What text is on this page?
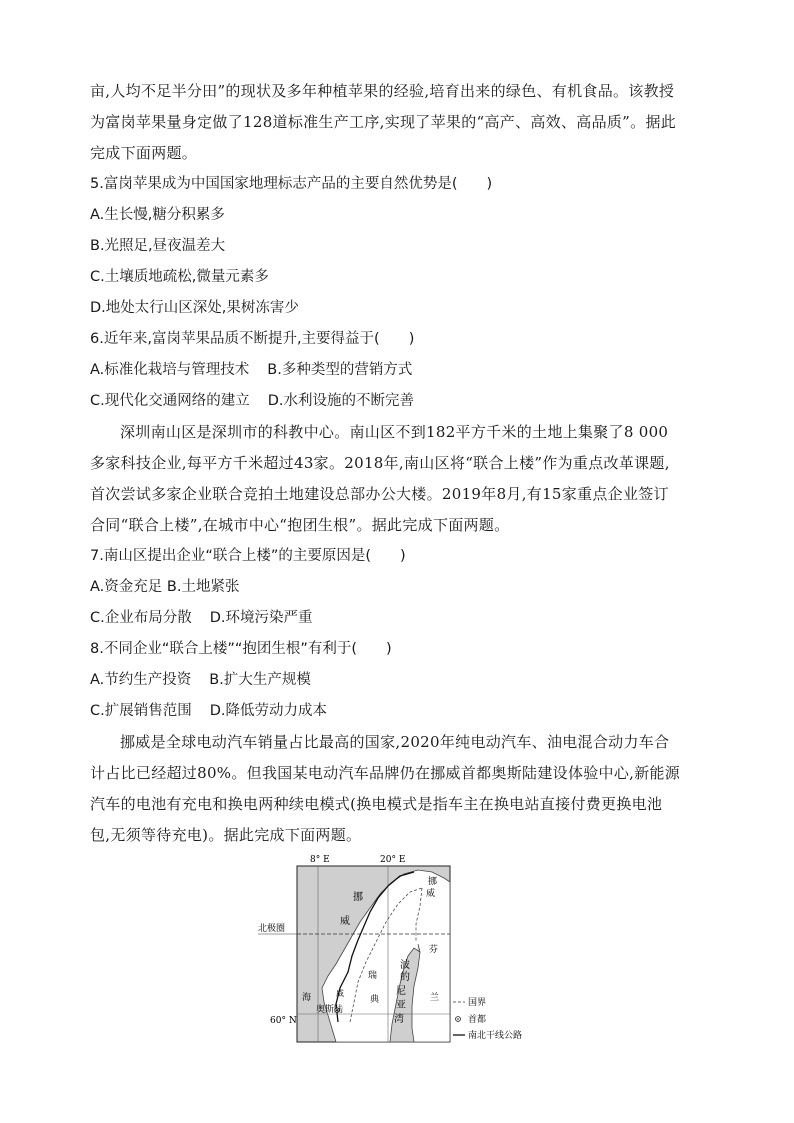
亩,人均不足半分田”的现状及多年种植苹果的经验,培育出来的绿色、有机食品。该教授
为富岗苹果量身定做了128道标准生产工序,实现了苹果的“高产、高效、高品质”。据此
完成下面两题。
5.富岗苹果成为中国国家地理标志产品的主要自然优势是(　　)
A.生长慢,糖分积累多
B.光照足,昼夜温差大
C.土壤质地疏松,微量元素多
D.地处太行山区深处,果树冻害少
6.近年来,富岗苹果品质不断提升,主要得益于(　　)
A.标准化栽培与管理技术 B.多种类型的营销方式
C.现代化交通网络的建立 D.水利设施的不断完善
深圳南山区是深圳市的科教中心。南山区不到182平方千米的土地上集聚了8 000
多家科技企业,每平方千米超过43家。2018年,南山区将“联合上楼”作为重点改革课题,
首次尝试多家企业联合竞拍土地建设总部办公大楼。2019年8月,有15家重点企业签订
合同“联合上楼”,在城市中心“抱团生根”。据此完成下面两题。
7.南山区提出企业“联合上楼”的主要原因是(　　)
A.资金充足 B.土地紧张
C.企业布局分散 D.环境污染严重
8.不同企业“联合上楼”“抱团生根”有利于(　　)
A.节约生产投资 B.扩大生产规模
C.扩展销售范围 D.降低劳动力成本
挪威是全球电动汽车销量占比最高的国家,2020年纯电动汽车、油电混合动力车合
计占比已经超过80%。但我国某电动汽车品牌仍在挪威首都奥斯陆建设体验中心,新能源
汽车的电池有充电和换电两种续电模式(换电模式是指车主在换电站直接付费更换电池
包,无须等待充电)。据此完成下面两题。
8° E	20° E
北极圈
海
挪
威
挪
威
瑞
典
芬
兰
波
的
尼
亚
湾
威
奥斯陆
60° N
国界
首都
南北干线公路
